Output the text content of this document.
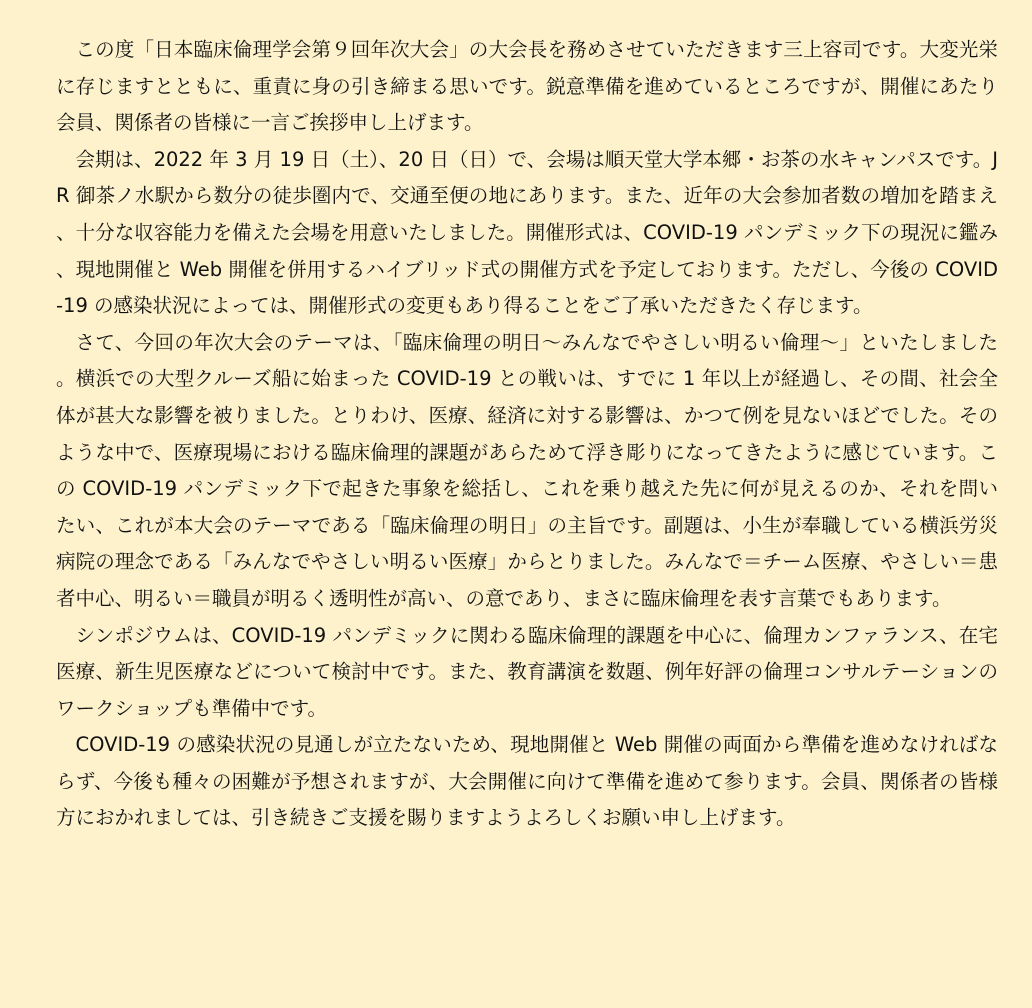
この度「日本臨床倫理学会第９回年次大会」の大会長を務めさせていただきます三上容司です。大変光栄に存じますとともに、重責に身の引き締まる思いです。鋭意準備を進めているところですが、開催にあたり会員、関係者の皆様に一言ご挨拶申し上げます。

会期は、2022 年 3 月 19 日（土）、20 日（日）で、会場は順天堂大学本郷・お茶の水キャンパスです。JR 御茶ノ水駅から数分の徒歩圏内で、交通至便の地にあります。また、近年の大会参加者数の増加を踏まえ、十分な収容能力を備えた会場を用意いたしました。開催形式は、COVID-19 パンデミック下の現況に鑑み、現地開催と Web 開催を併用するハイブリッド式の開催方式を予定しております。ただし、今後の COVID-19 の感染状況によっては、開催形式の変更もあり得ることをご了承いただきたく存じます。

さて、今回の年次大会のテーマは、「臨床倫理の明日〜みんなでやさしい明るい倫理〜」といたしました。横浜での大型クルーズ船に始まった COVID-19 との戦いは、すでに 1 年以上が経過し、その間、社会全体が甚大な影響を被りました。とりわけ、医療、経済に対する影響は、かつて例を見ないほどでした。そのような中で、医療現場における臨床倫理的課題があらためて浮き彫りになってきたように感じています。この COVID-19 パンデミック下で起きた事象を総括し、これを乗り越えた先に何が見えるのか、それを問いたい、これが本大会のテーマである「臨床倫理の明日」の主旨です。副題は、小生が奉職している横浜労災病院の理念である「みんなでやさしい明るい医療」からとりました。みんなで＝チーム医療、やさしい＝患者中心、明るい＝職員が明るく透明性が高い、の意であり、まさに臨床倫理を表す言葉でもあります。

シンポジウムは、COVID-19 パンデミックに関わる臨床倫理的課題を中心に、倫理カンファランス、在宅医療、新生児医療などについて検討中です。また、教育講演を数題、例年好評の倫理コンサルテーションのワークショップも準備中です。

COVID-19 の感染状況の見通しが立たないため、現地開催と Web 開催の両面から準備を進めなければならず、今後も種々の困難が予想されますが、大会開催に向けて準備を進めて参ります。会員、関係者の皆様方におかれましては、引き続きご支援を賜りますようよろしくお願い申し上げます。
